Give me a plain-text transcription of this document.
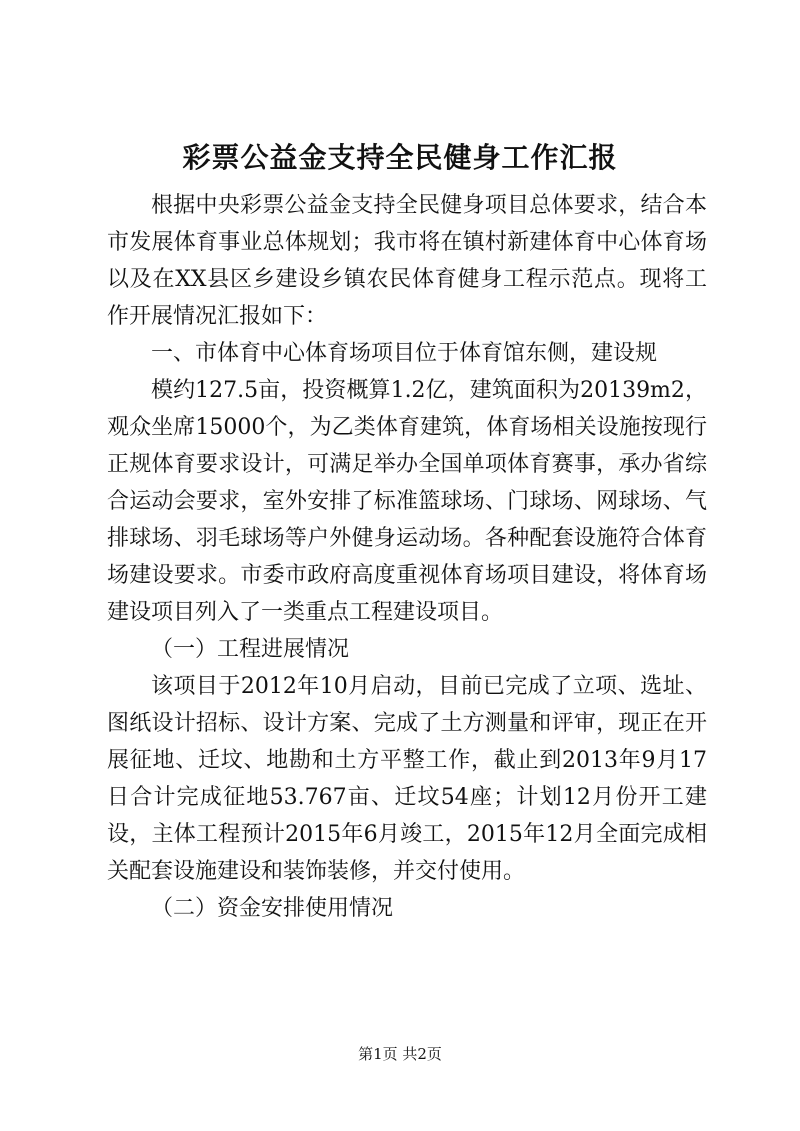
彩票公益金支持全民健身工作汇报

根据中央彩票公益金支持全民健身项目总体要求，结合本市发展体育事业总体规划；我市将在镇村新建体育中心体育场以及在XX县区乡建设乡镇农民体育健身工程示范点。现将工作开展情况汇报如下：

一、市体育中心体育场项目位于体育馆东侧，建设规

模约127.5亩，投资概算1.2亿，建筑面积为20139m2，观众坐席15000个，为乙类体育建筑，体育场相关设施按现行正规体育要求设计，可满足举办全国单项体育赛事，承办省综合运动会要求，室外安排了标准篮球场、门球场、网球场、气排球场、羽毛球场等户外健身运动场。各种配套设施符合体育场建设要求。市委市政府高度重视体育场项目建设，将体育场建设项目列入了一类重点工程建设项目。

（一）工程进展情况

该项目于2012年10月启动，目前已完成了立项、选址、图纸设计招标、设计方案、完成了土方测量和评审，现正在开展征地、迁坟、地勘和土方平整工作，截止到2013年9月17日合计完成征地53.767亩、迁坟54座；计划12月份开工建设，主体工程预计2015年6月竣工，2015年12月全面完成相关配套设施建设和装饰装修，并交付使用。

（二）资金安排使用情况

第1页 共2页
